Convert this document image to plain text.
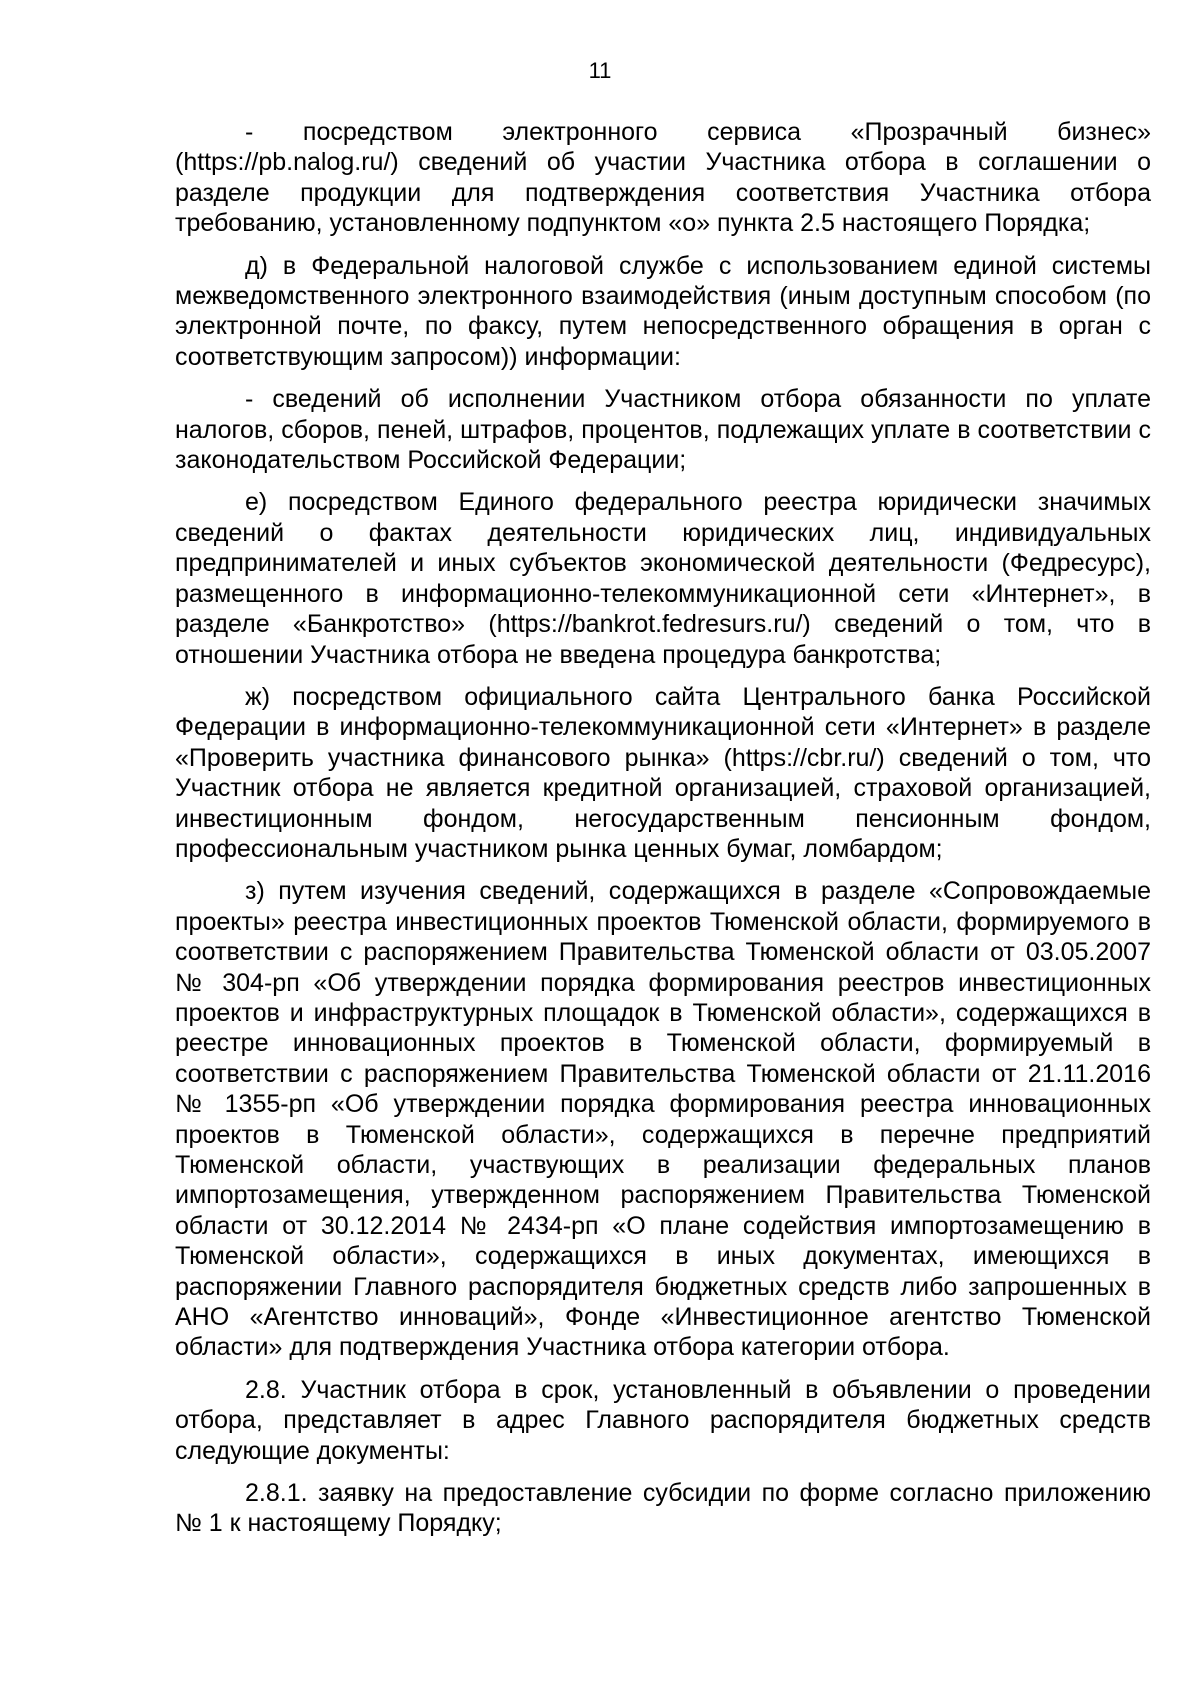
11

- посредством электронного сервиса «Прозрачный бизнес» (https://pb.nalog.ru/) сведений об участии Участника отбора в соглашении о разделе продукции для подтверждения соответствия Участника отбора требованию, установленному подпунктом «о» пункта 2.5 настоящего Порядка;

д) в Федеральной налоговой службе с использованием единой системы межведомственного электронного взаимодействия (иным доступным способом (по электронной почте, по факсу, путем непосредственного обращения в орган с соответствующим запросом)) информации:

- сведений об исполнении Участником отбора обязанности по уплате налогов, сборов, пеней, штрафов, процентов, подлежащих уплате в соответствии с законодательством Российской Федерации;

е) посредством Единого федерального реестра юридически значимых сведений о фактах деятельности юридических лиц, индивидуальных предпринимателей и иных субъектов экономической деятельности (Федресурс), размещенного в информационно-телекоммуникационной сети «Интернет», в разделе «Банкротство» (https://bankrot.fedresurs.ru/) сведений о том, что в отношении Участника отбора не введена процедура банкротства;

ж) посредством официального сайта Центрального банка Российской Федерации в информационно-телекоммуникационной сети «Интернет» в разделе «Проверить участника финансового рынка» (https://cbr.ru/) сведений о том, что Участник отбора не является кредитной организацией, страховой организацией, инвестиционным фондом, негосударственным пенсионным фондом, профессиональным участником рынка ценных бумаг, ломбардом;

з) путем изучения сведений, содержащихся в разделе «Сопровождаемые проекты» реестра инвестиционных проектов Тюменской области, формируемого в соответствии с распоряжением Правительства Тюменской области от 03.05.2007 № 304-рп «Об утверждении порядка формирования реестров инвестиционных проектов и инфраструктурных площадок в Тюменской области», содержащихся в реестре инновационных проектов в Тюменской области, формируемый в соответствии с распоряжением Правительства Тюменской области от 21.11.2016 № 1355-рп «Об утверждении порядка формирования реестра инновационных проектов в Тюменской области», содержащихся в перечне предприятий Тюменской области, участвующих в реализации федеральных планов импортозамещения, утвержденном распоряжением Правительства Тюменской области от 30.12.2014 № 2434-рп «О плане содействия импортозамещению в Тюменской области», содержащихся в иных документах, имеющихся в распоряжении Главного распорядителя бюджетных средств либо запрошенных в АНО «Агентство инноваций», Фонде «Инвестиционное агентство Тюменской области» для подтверждения Участника отбора категории отбора.

2.8. Участник отбора в срок, установленный в объявлении о проведении отбора, представляет в адрес Главного распорядителя бюджетных средств следующие документы:

2.8.1. заявку на предоставление субсидии по форме согласно приложению № 1 к настоящему Порядку;
